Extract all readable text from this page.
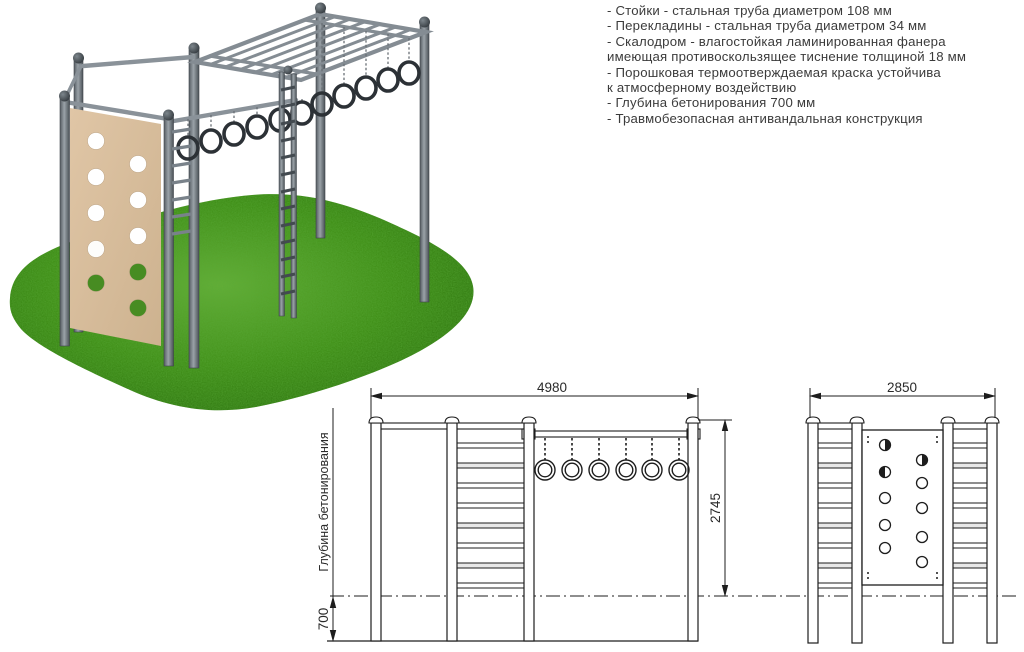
- Стойки - стальная труба диаметром 108 мм
- Перекладины - стальная труба диаметром 34 мм
- Скалодром - влагостойкая ламинированная фанера
имеющая противоскользящее тиснение толщиной 18 мм
- Порошковая термоотверждаемая краска устойчива
к атмосферному воздействию
- Глубина бетонирования 700 мм
- Травмобезопасная антивандальная конструкция
4980
2745
700
Глубина бетонирования
2850
